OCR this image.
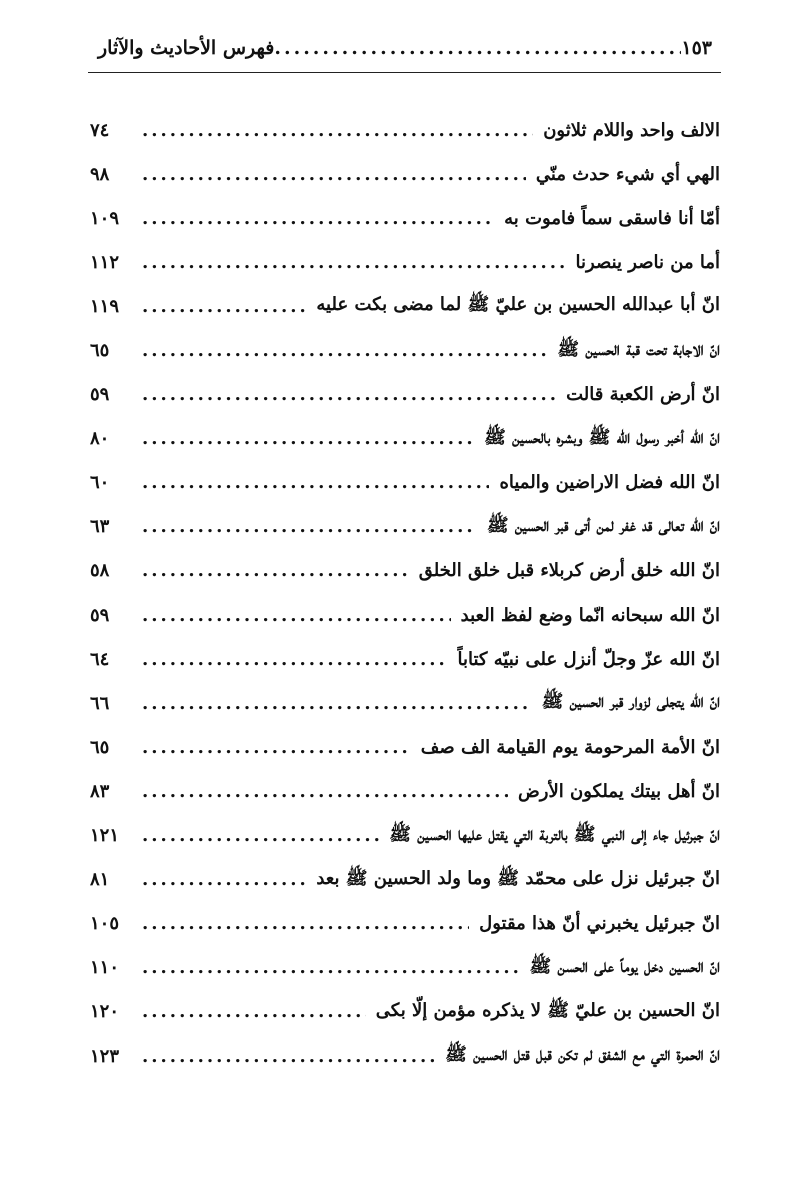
فهرس الأحاديث والآثار
.....	١٥٣
الالف واحد واللام ثلاثون
.....
٧٤
الهي أي شيء حدث منّي
.....
٩٨
أمّا أنا فاسقى سماً فاموت به
.....
١٠٩
أما من ناصر ينصرنا
.....
١١٢
انّ أبا عبدالله الحسين بن عليّ ﷺ لما مضى بكت عليه
.....
١١٩
انّ الاجابة تحت قبة الحسين ﷺ
.....
٦٥
انّ أرض الكعبة قالت
.....
٥٩
انّ الله أخبر رسول الله ﷺ وبشره بالحسين ﷺ
.....
٨٠
انّ الله فضل الاراضين والمياه
.....
٦٠
انّ الله تعالى قد غفر لمن أتى قبر الحسين ﷺ
.....
٦٣
انّ الله خلق أرض كربلاء قبل خلق الخلق
.....
٥٨
انّ الله سبحانه انّما وضع لفظ العبد
.....
٥٩
انّ الله عزّ وجلّ أنزل على نبيّه كتاباً
.....
٦٤
انّ الله يتجلى لزوار قبر الحسين ﷺ
.....
٦٦
انّ الأمة المرحومة يوم القيامة الف صف
.....
٦٥
انّ أهل بيتك يملكون الأرض
.....
٨٣
انّ جبرئيل جاء إلى النبي ﷺ بالتربة التي يقتل عليها الحسين ﷺ
.....
١٢١
انّ جبرئيل نزل على محمّد ﷺ وما ولد الحسين ﷺ بعد
.....
٨١
انّ جبرئيل يخبرني أنّ هذا مقتول
.....
١٠٥
انّ الحسين دخل يوماً على الحسن ﷺ
.....
١١٠
انّ الحسين بن عليّ ﷺ لا يذكره مؤمن إلّا بكى
.....
١٢٠
انّ الحمرة التي مع الشفق لم تكن قبل قتل الحسين ﷺ
.....
١٢٣
